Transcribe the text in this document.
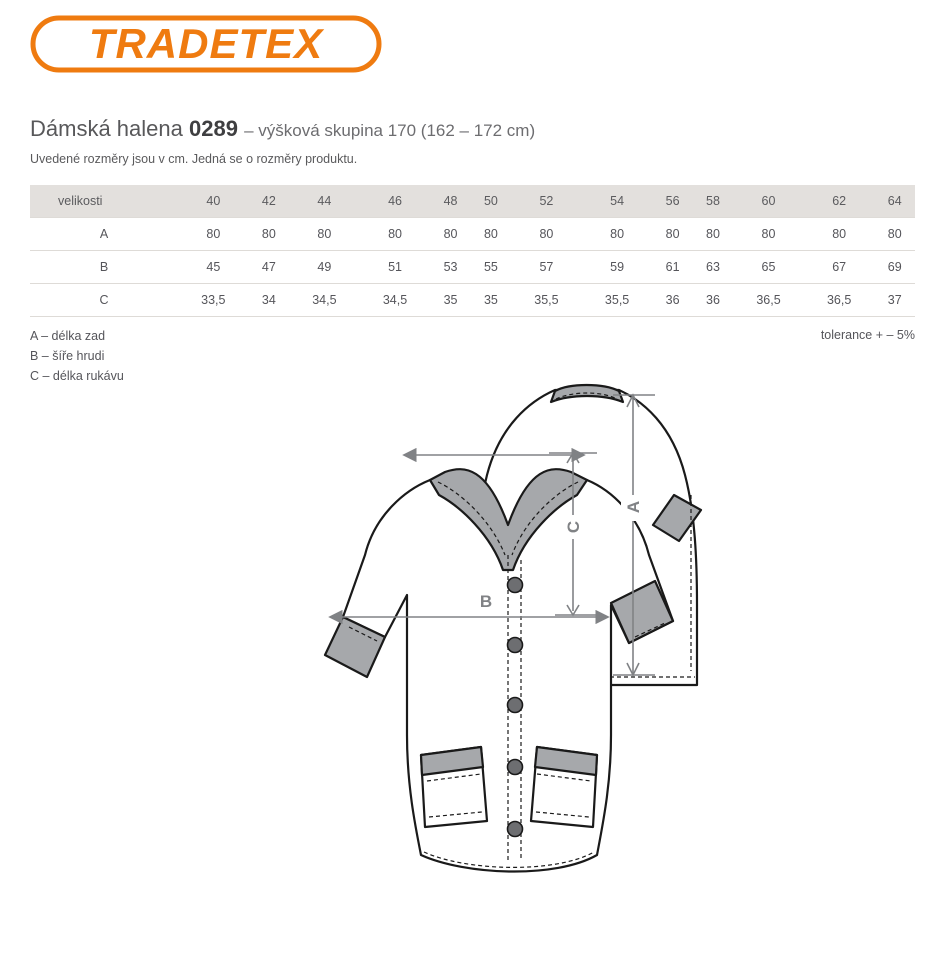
TRADETEX
Dámská halena 0289 – výšková skupina 170 (162 – 172 cm)
Uvedené rozměry jsou v cm. Jedná se o rozměry produktu.
velikosti	40	42	44	46	48	50	52	54	56	58	60	62	64
A	80	80	80	80	80	80	80	80	80	80	80	80	80
B	45	47	49	51	53	55	57	59	61	63	65	67	69
C	33,5	34	34,5	34,5	35	35	35,5	35,5	36	36	36,5	36,5	37
A – délka zad
B – šíře hrudi
C – délka rukávu
tolerance + – 5%
B
C
A
